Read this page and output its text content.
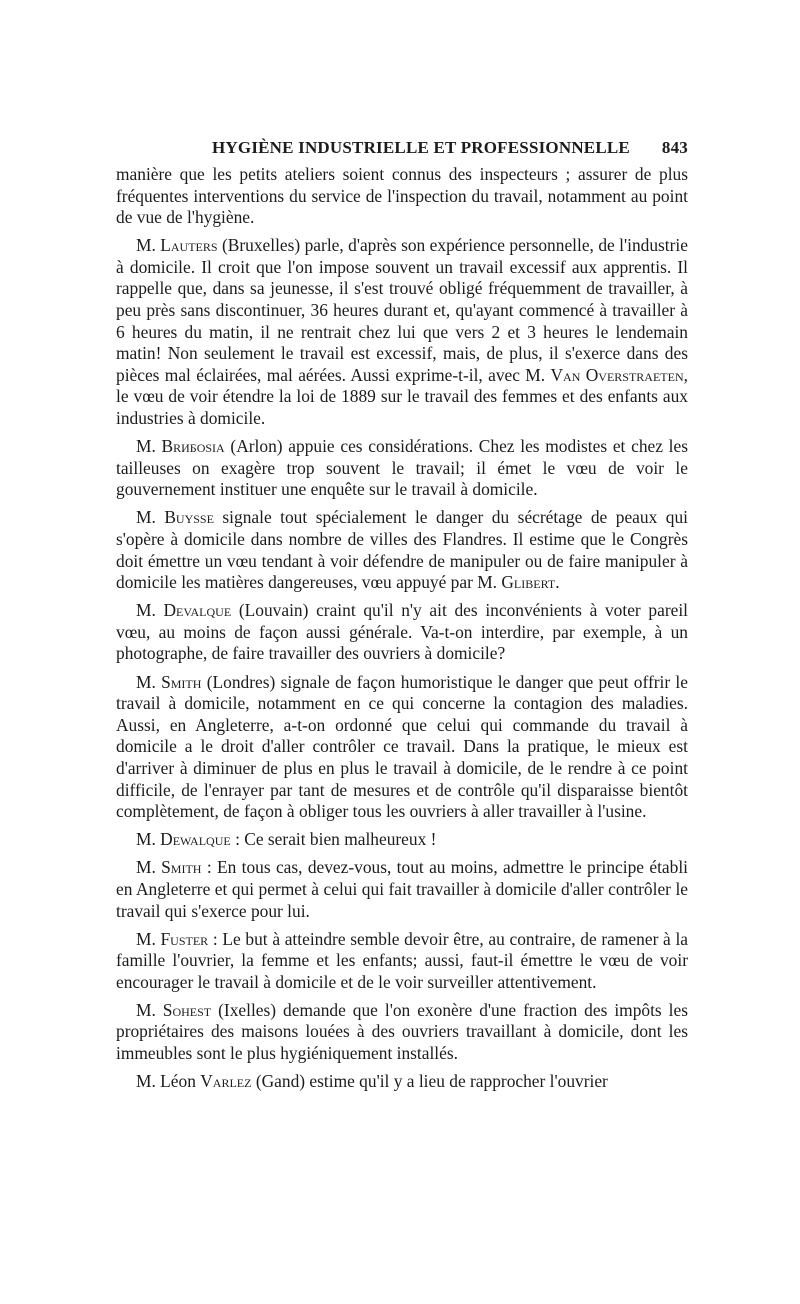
HYGIÈNE INDUSTRIELLE ET PROFESSIONNELLE 843

manière que les petits ateliers soient connus des inspecteurs ; assurer de plus fréquentes interventions du service de l'inspection du travail, notamment au point de vue de l'hygiène.

M. Lauters (Bruxelles) parle, d'après son expérience personnelle, de l'industrie à domicile. Il croit que l'on impose souvent un travail excessif aux apprentis. Il rappelle que, dans sa jeunesse, il s'est trouvé obligé fréquemment de travailler, à peu près sans discontinuer, 36 heures durant et, qu'ayant commencé à travailler à 6 heures du matin, il ne rentrait chez lui que vers 2 et 3 heures le lendemain matin! Non seulement le travail est excessif, mais, de plus, il s'exerce dans des pièces mal éclairées, mal aérées. Aussi exprime-t-il, avec M. Van Overstraeten, le vœu de voir étendre la loi de 1889 sur le travail des femmes et des enfants aux industries à domicile.

M. Brибosia (Arlon) appuie ces considérations. Chez les modistes et chez les tailleuses on exagère trop souvent le travail; il émet le vœu de voir le gouvernement instituer une enquête sur le travail à domicile.

M. Buysse signale tout spécialement le danger du sécrétage de peaux qui s'opère à domicile dans nombre de villes des Flandres. Il estime que le Congrès doit émettre un vœu tendant à voir défendre de manipuler ou de faire manipuler à domicile les matières dangereuses, vœu appuyé par M. Glibert.

M. Devalque (Louvain) craint qu'il n'y ait des inconvénients à voter pareil vœu, au moins de façon aussi générale. Va-t-on interdire, par exemple, à un photographe, de faire travailler des ouvriers à domicile?

M. Smith (Londres) signale de façon humoristique le danger que peut offrir le travail à domicile, notamment en ce qui concerne la contagion des maladies. Aussi, en Angleterre, a-t-on ordonné que celui qui commande du travail à domicile a le droit d'aller contrôler ce travail. Dans la pratique, le mieux est d'arriver à diminuer de plus en plus le travail à domicile, de le rendre à ce point difficile, de l'enrayer par tant de mesures et de contrôle qu'il disparaisse bientôt complètement, de façon à obliger tous les ouvriers à aller travailler à l'usine.

M. Dewalque : Ce serait bien malheureux !

M. Smith : En tous cas, devez-vous, tout au moins, admettre le principe établi en Angleterre et qui permet à celui qui fait travailler à domicile d'aller contrôler le travail qui s'exerce pour lui.

M. Fuster : Le but à atteindre semble devoir être, au contraire, de ramener à la famille l'ouvrier, la femme et les enfants; aussi, faut-il émettre le vœu de voir encourager le travail à domicile et de le voir surveiller attentivement.

M. Sohest (Ixelles) demande que l'on exonère d'une fraction des impôts les propriétaires des maisons louées à des ouvriers travaillant à domicile, dont les immeubles sont le plus hygiéniquement installés.

M. Léon Varlez (Gand) estime qu'il y a lieu de rapprocher l'ouvrier
